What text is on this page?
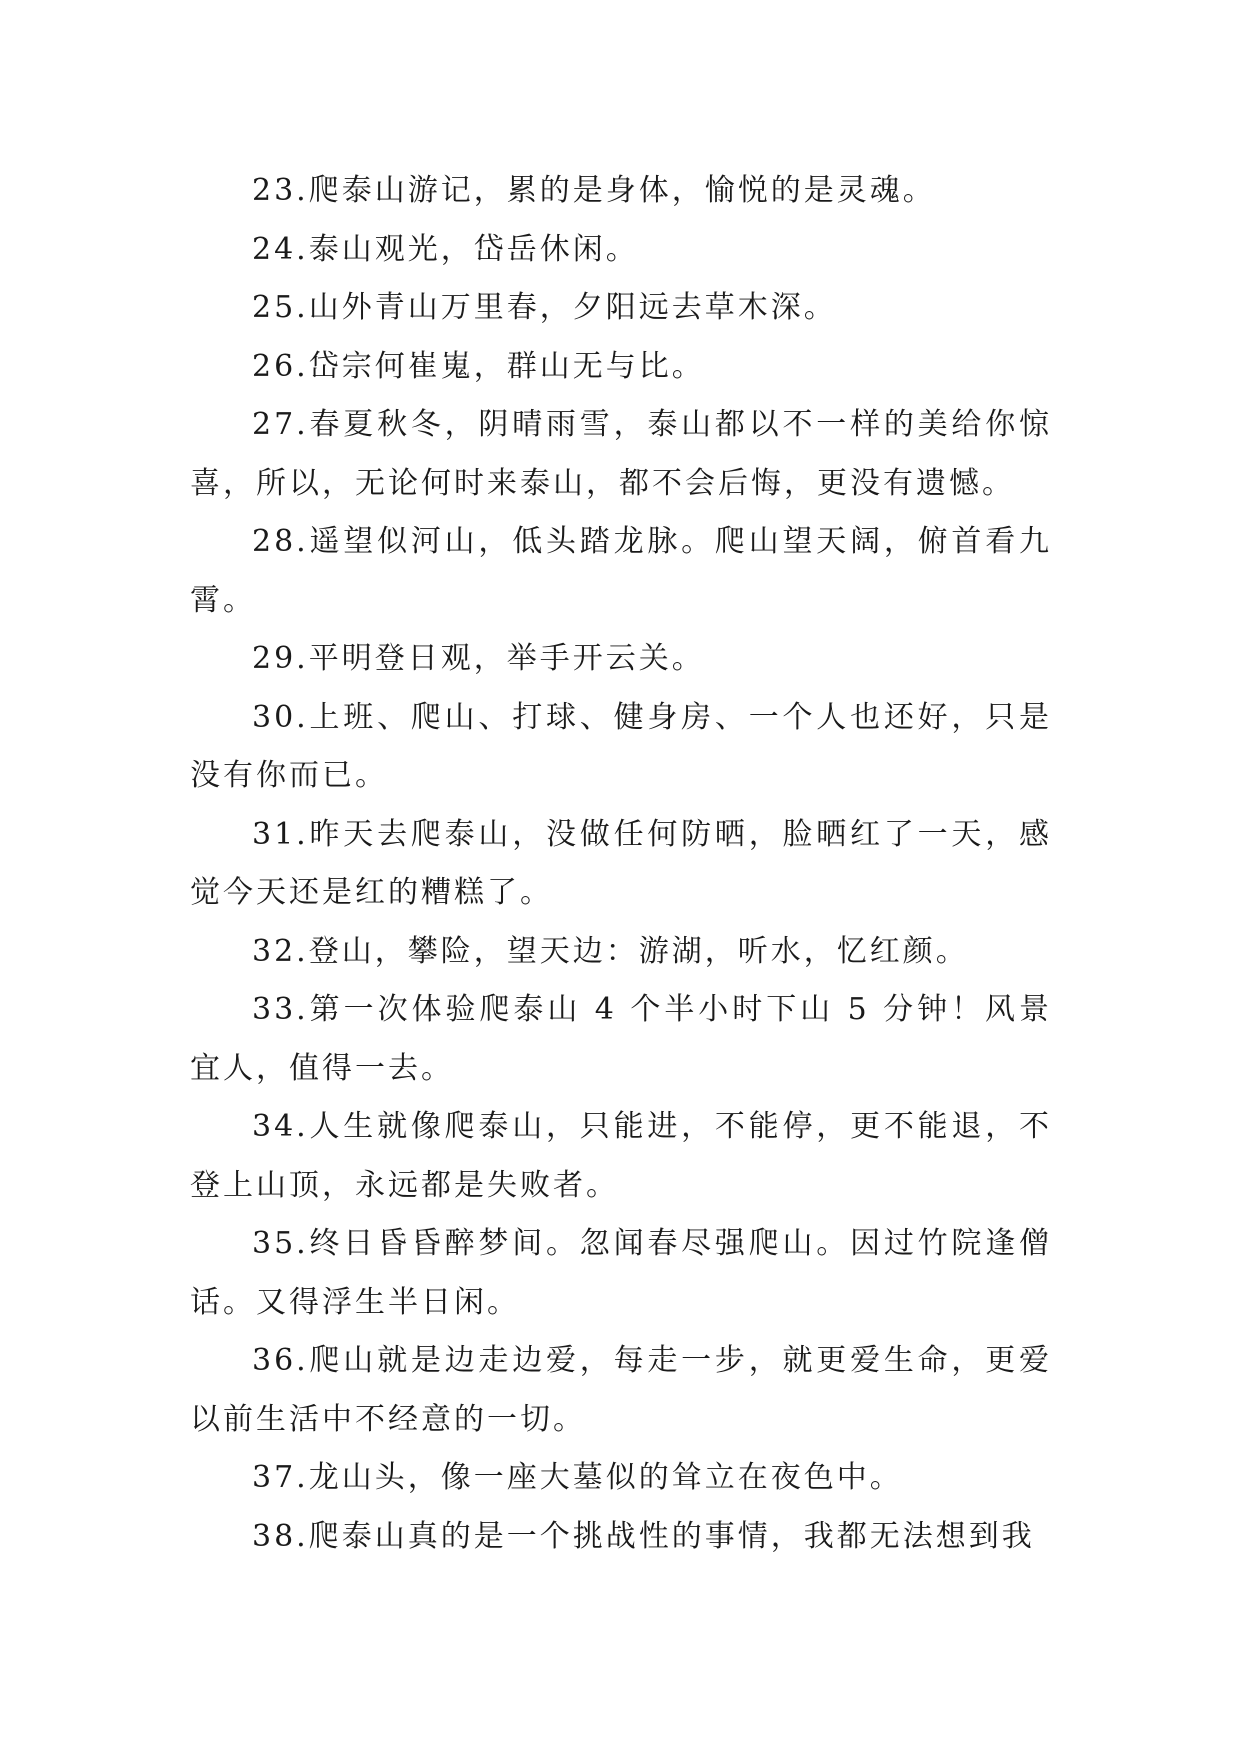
23.爬泰山游记，累的是身体，愉悦的是灵魂。

24.泰山观光，岱岳休闲。

25.山外青山万里春，夕阳远去草木深。

26.岱宗何崔嵬，群山无与比。

27.春夏秋冬，阴晴雨雪，泰山都以不一样的美给你惊喜，所以，无论何时来泰山，都不会后悔，更没有遗憾。

28.遥望似河山，低头踏龙脉。爬山望天阔，俯首看九霄。

29.平明登日观，举手开云关。

30.上班、爬山、打球、健身房、一个人也还好，只是没有你而已。

31.昨天去爬泰山，没做任何防晒，脸晒红了一天，感觉今天还是红的糟糕了。

32.登山，攀险，望天边：游湖，听水，忆红颜。

33.第一次体验爬泰山 4 个半小时下山 5 分钟！风景宜人，值得一去。

34.人生就像爬泰山，只能进，不能停，更不能退，不登上山顶，永远都是失败者。

35.终日昏昏醉梦间。忽闻春尽强爬山。因过竹院逢僧话。又得浮生半日闲。

36.爬山就是边走边爱，每走一步，就更爱生命，更爱以前生活中不经意的一切。

37.龙山头，像一座大墓似的耸立在夜色中。

38.爬泰山真的是一个挑战性的事情，我都无法想到我
